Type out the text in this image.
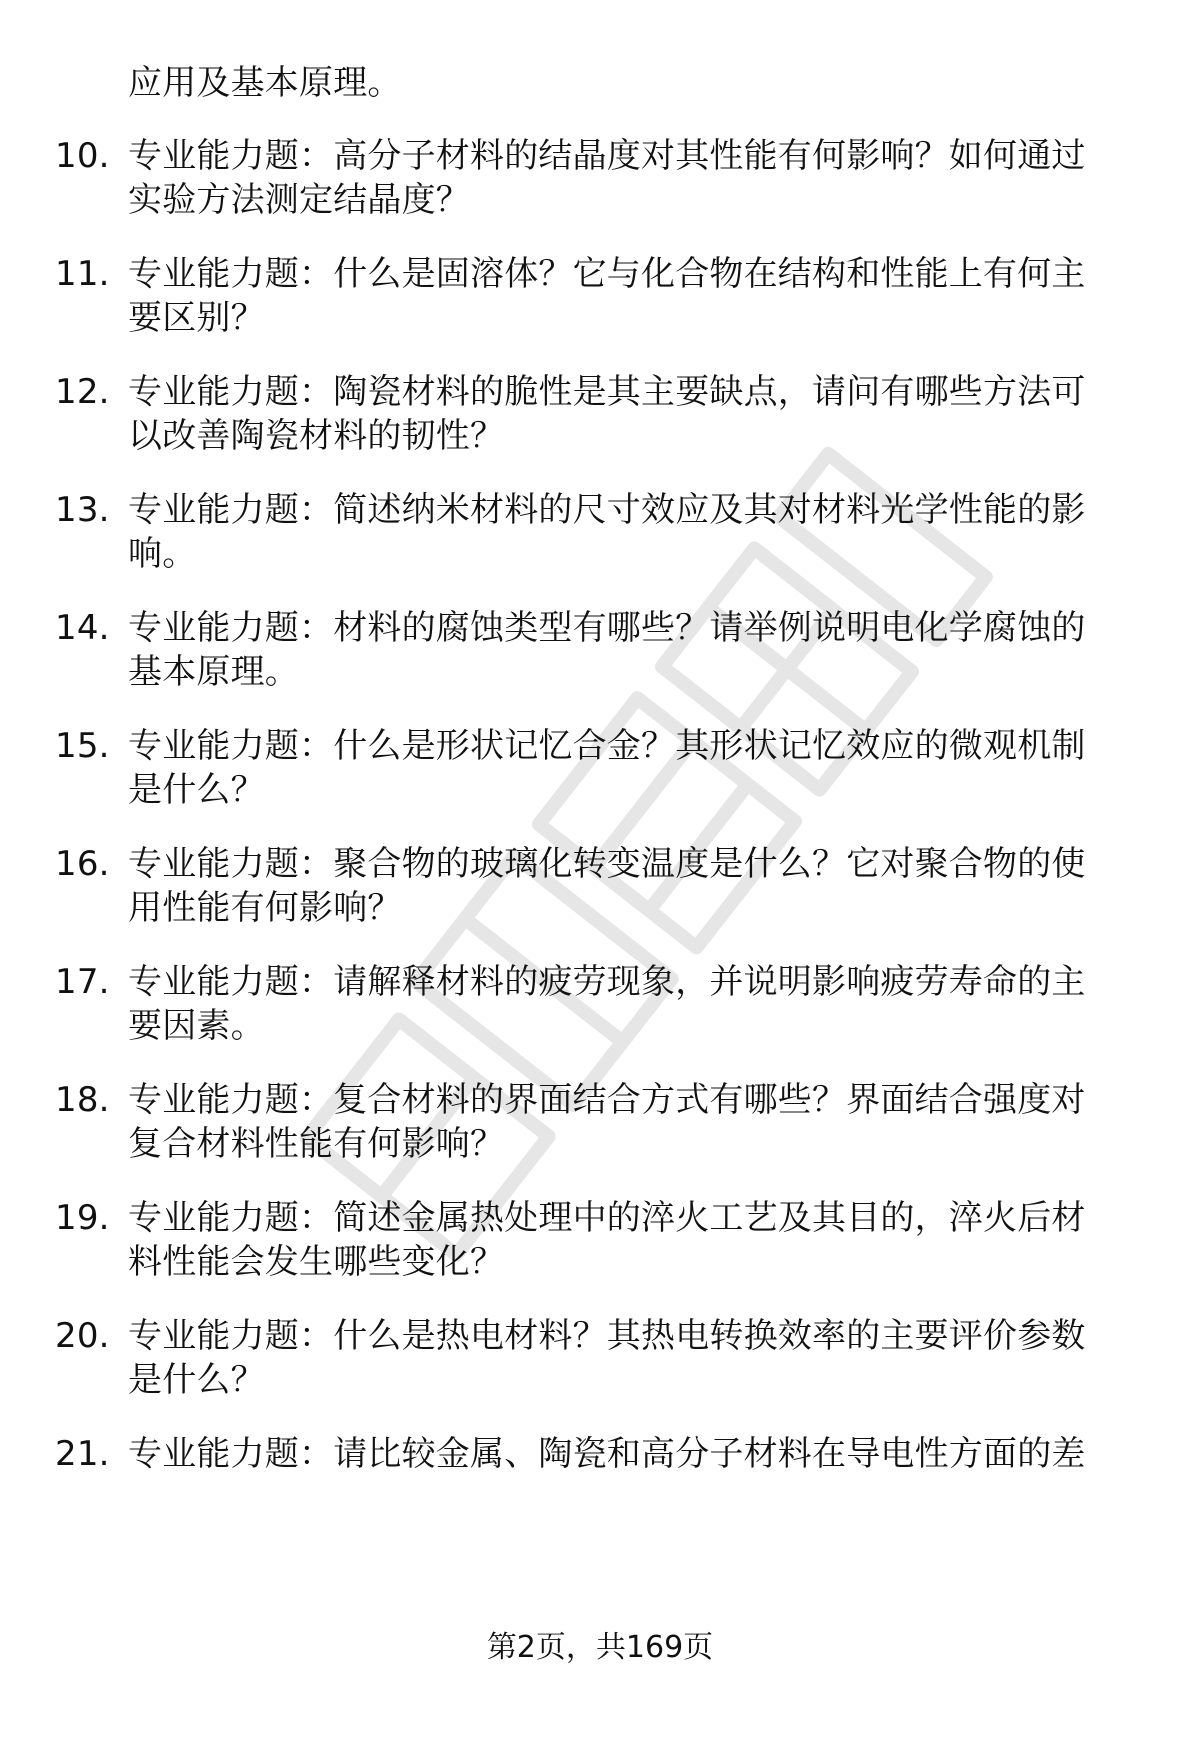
应用及基本原理。
10. 专业能力题：高分子材料的结晶度对其性能有何影响？如何通过
实验方法测定结晶度？
11. 专业能力题：什么是固溶体？它与化合物在结构和性能上有何主
要区别？
12. 专业能力题：陶瓷材料的脆性是其主要缺点，请问有哪些方法可
以改善陶瓷材料的韧性？
13. 专业能力题：简述纳米材料的尺寸效应及其对材料光学性能的影
响。
14. 专业能力题：材料的腐蚀类型有哪些？请举例说明电化学腐蚀的
基本原理。
15. 专业能力题：什么是形状记忆合金？其形状记忆效应的微观机制
是什么？
16. 专业能力题：聚合物的玻璃化转变温度是什么？它对聚合物的使
用性能有何影响？
17. 专业能力题：请解释材料的疲劳现象，并说明影响疲劳寿命的主
要因素。
18. 专业能力题：复合材料的界面结合方式有哪些？界面结合强度对
复合材料性能有何影响？
19. 专业能力题：简述金属热处理中的淬火工艺及其目的，淬火后材
料性能会发生哪些变化？
20. 专业能力题：什么是热电材料？其热电转换效率的主要评价参数
是什么？
21. 专业能力题：请比较金属、陶瓷和高分子材料在导电性方面的差
第2页，共169页
